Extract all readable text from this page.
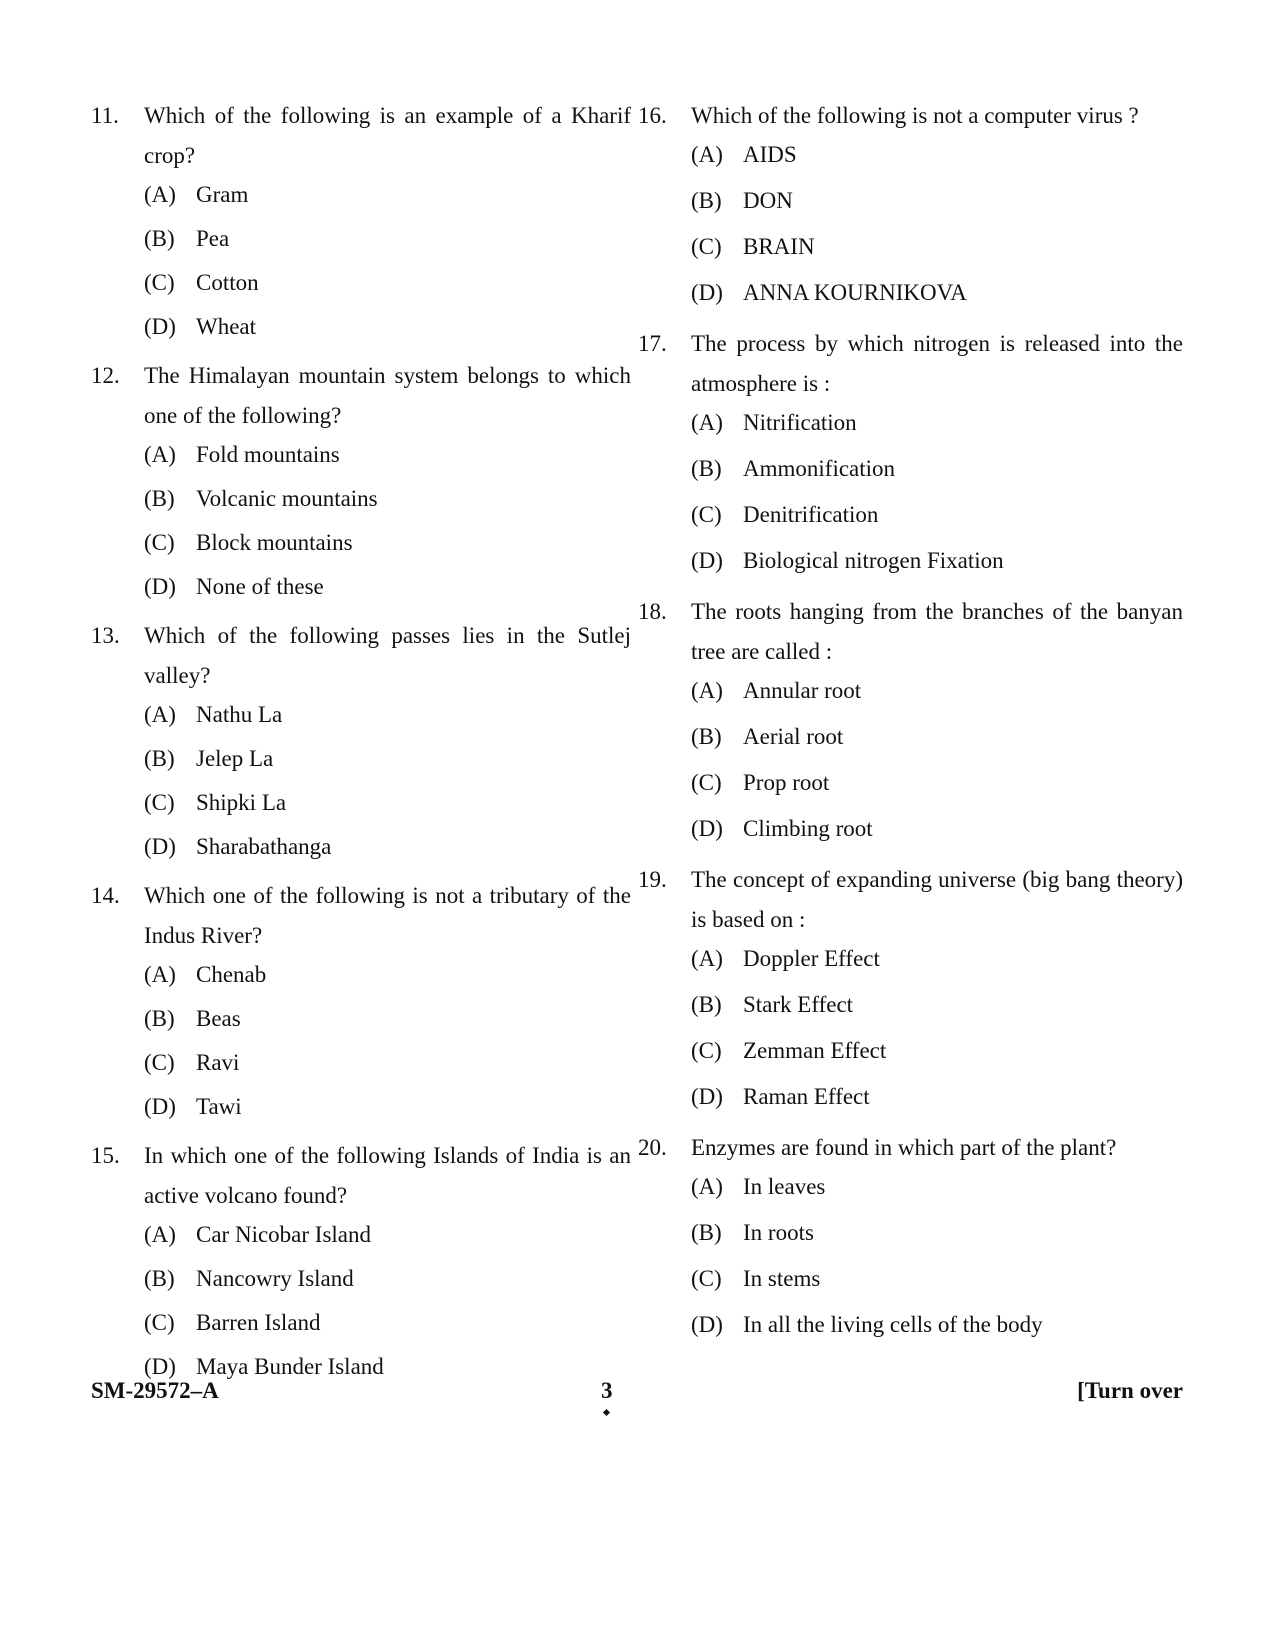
11. Which of the following is an example of a Kharif crop?
(A) Gram
(B) Pea
(C) Cotton
(D) Wheat
12. The Himalayan mountain system belongs to which one of the following?
(A) Fold mountains
(B) Volcanic mountains
(C) Block mountains
(D) None of these
13. Which of the following passes lies in the Sutlej valley?
(A) Nathu La
(B) Jelep La
(C) Shipki La
(D) Sharabathanga
14. Which one of the following is not a tributary of the Indus River?
(A) Chenab
(B) Beas
(C) Ravi
(D) Tawi
15. In which one of the following Islands of India is an active volcano found?
(A) Car Nicobar Island
(B) Nancowry Island
(C) Barren Island
(D) Maya Bunder Island
16. Which of the following is not a computer virus ?
(A) AIDS
(B) DON
(C) BRAIN
(D) ANNA KOURNIKOVA
17. The process by which nitrogen is released into the atmosphere is :
(A) Nitrification
(B) Ammonification
(C) Denitrification
(D) Biological nitrogen Fixation
18. The roots hanging from the branches of the banyan tree are called :
(A) Annular root
(B) Aerial root
(C) Prop root
(D) Climbing root
19. The concept of expanding universe (big bang theory) is based on :
(A) Doppler Effect
(B) Stark Effect
(C) Zemman Effect
(D) Raman Effect
20. Enzymes are found in which part of the plant?
(A) In leaves
(B) In roots
(C) In stems
(D) In all the living cells of the body
SM-29572–A	3	[Turn over
